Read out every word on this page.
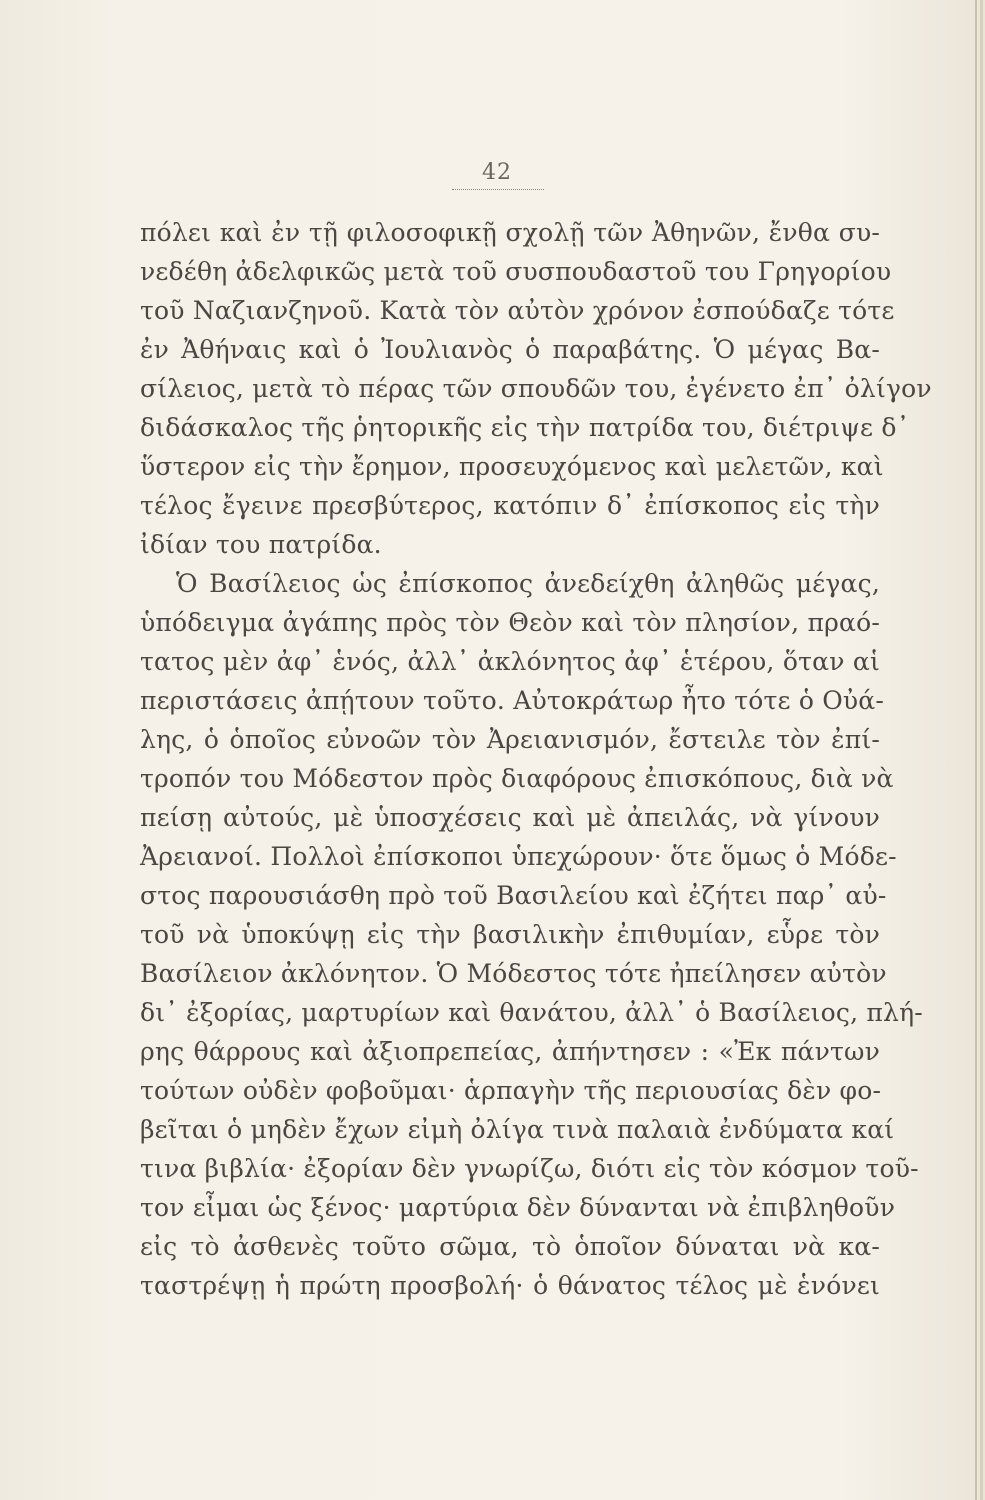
42
πόλει καὶ ἐν τῇ φιλοσοφικῇ σχολῇ τῶν Ἀθηνῶν, ἔνθα συ-
νεδέθη ἀδελφικῶς μετὰ τοῦ συσπουδαστοῦ του Γρηγορίου
τοῦ Ναζιανζηνοῦ. Κατὰ τὸν αὐτὸν χρόνον ἐσπούδαζε τότε
ἐν Ἀθήναις καὶ ὁ Ἰουλιανὸς ὁ παραβάτης. Ὁ μέγας Βα-
σίλειος, μετὰ τὸ πέρας τῶν σπουδῶν του, ἐγένετο ἐπ᾿ ὀλίγον
διδάσκαλος τῆς ῥητορικῆς εἰς τὴν πατρίδα του, διέτριψε δ᾿
ὕστερον εἰς τὴν ἔρημον, προσευχόμενος καὶ μελετῶν, καὶ
τέλος ἔγεινε πρεσβύτερος, κατόπιν δ᾿ ἐπίσκοπος εἰς τὴν
ἰδίαν του πατρίδα.
Ὁ Βασίλειος ὡς ἐπίσκοπος ἀνεδείχθη ἀληθῶς μέγας,
ὑπόδειγμα ἀγάπης πρὸς τὸν Θεὸν καὶ τὸν πλησίον, πραό-
τατος μὲν ἀφ᾿ ἑνός, ἀλλ᾿ ἀκλόνητος ἀφ᾿ ἑτέρου, ὅταν αἱ
περιστάσεις ἀπῄτουν τοῦτο. Αὐτοκράτωρ ἦτο τότε ὁ Οὐά-
λης, ὁ ὁποῖος εὐνοῶν τὸν Ἀρειανισμόν, ἔστειλε τὸν ἐπί-
τροπόν του Μόδεστον πρὸς διαφόρους ἐπισκόπους, διὰ νὰ
πείσῃ αὐτούς, μὲ ὑποσχέσεις καὶ μὲ ἀπειλάς, νὰ γίνουν
Ἀρειανοί. Πολλοὶ ἐπίσκοποι ὑπεχώρουν· ὅτε ὅμως ὁ Μόδε-
στος παρουσιάσθη πρὸ τοῦ Βασιλείου καὶ ἐζήτει παρ᾿ αὐ-
τοῦ νὰ ὑποκύψῃ εἰς τὴν βασιλικὴν ἐπιθυμίαν, εὗρε τὸν
Βασίλειον ἀκλόνητον. Ὁ Μόδεστος τότε ἠπείλησεν αὐτὸν
δι᾿ ἐξορίας, μαρτυρίων καὶ θανάτου, ἀλλ᾿ ὁ Βασίλειος, πλή-
ρης θάρρους καὶ ἀξιοπρεπείας, ἀπήντησεν : «Ἐκ πάντων
τούτων οὐδὲν φοβοῦμαι· ἁρπαγὴν τῆς περιουσίας δὲν φο-
βεῖται ὁ μηδὲν ἔχων εἰμὴ ὀλίγα τινὰ παλαιὰ ἐνδύματα καί
τινα βιβλία· ἐξορίαν δὲν γνωρίζω, διότι εἰς τὸν κόσμον τοῦ-
τον εἶμαι ὡς ξένος· μαρτύρια δὲν δύνανται νὰ ἐπιβληθοῦν
εἰς τὸ ἀσθενὲς τοῦτο σῶμα, τὸ ὁποῖον δύναται νὰ κα-
ταστρέψῃ ἡ πρώτη προσβολή· ὁ θάνατος τέλος μὲ ἑνόνει
